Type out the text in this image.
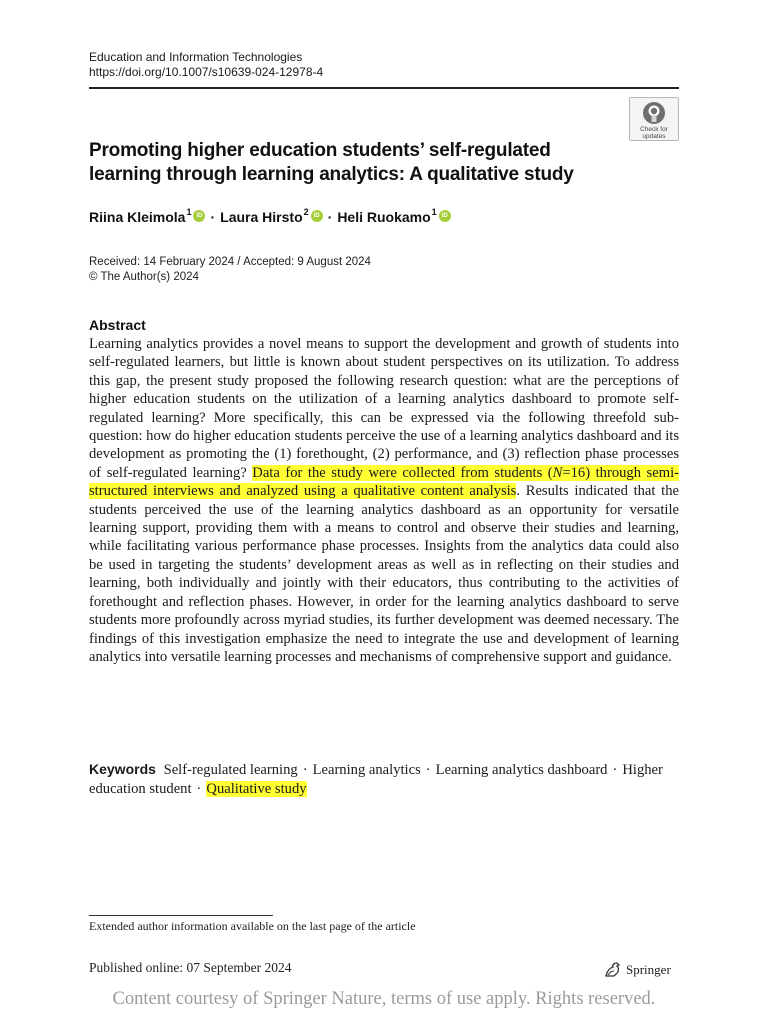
Education and Information Technologies
https://doi.org/10.1007/s10639-024-12978-4
Check for
updates
Promoting higher education students’ self-regulated
learning through learning analytics: A qualitative study
Riina Kleimola$^1$ iD · Laura Hirsto$^2$ iD · Heli Ruokamo$^1$ iD
Received: 14 February 2024 / Accepted: 9 August 2024
© The Author(s) 2024
Abstract
Learning analytics provides a novel means to support the development and growth of students into self-regulated learners, but little is known about student perspectives on its utilization. To address this gap, the present study proposed the following research question: what are the perceptions of higher education students on the utilization of a learning analytics dashboard to promote self-regulated learning? More specifically, this can be expressed via the following threefold sub-question: how do higher education students perceive the use of a learning analytics dashboard and its development as promoting the (1) forethought, (2) performance, and (3) reflection phase processes of self-regulated learning? Data for the study were collected from students (N=16) through semi-structured interviews and analyzed using a qualitative content analysis. Results indicated that the students perceived the use of the learning analytics dashboard as an opportunity for versatile learning support, providing them with a means to control and observe their studies and learning, while facilitating various performance phase processes. Insights from the analytics data could also be used in targeting the students’ development areas as well as in reflecting on their studies and learning, both individually and jointly with their educators, thus contributing to the activities of forethought and reflection phases. However, in order for the learning analytics dashboard to serve students more profoundly across myriad studies, its further development was deemed necessary. The findings of this investigation emphasize the need to integrate the use and development of learning analytics into versatile learning processes and mechanisms of comprehensive support and guidance.
Keywords Self-regulated learning · Learning analytics · Learning analytics dashboard · Higher education student · Qualitative study
Extended author information available on the last page of the article
Published online: 07 September 2024	Springer
Content courtesy of Springer Nature, terms of use apply. Rights reserved.
